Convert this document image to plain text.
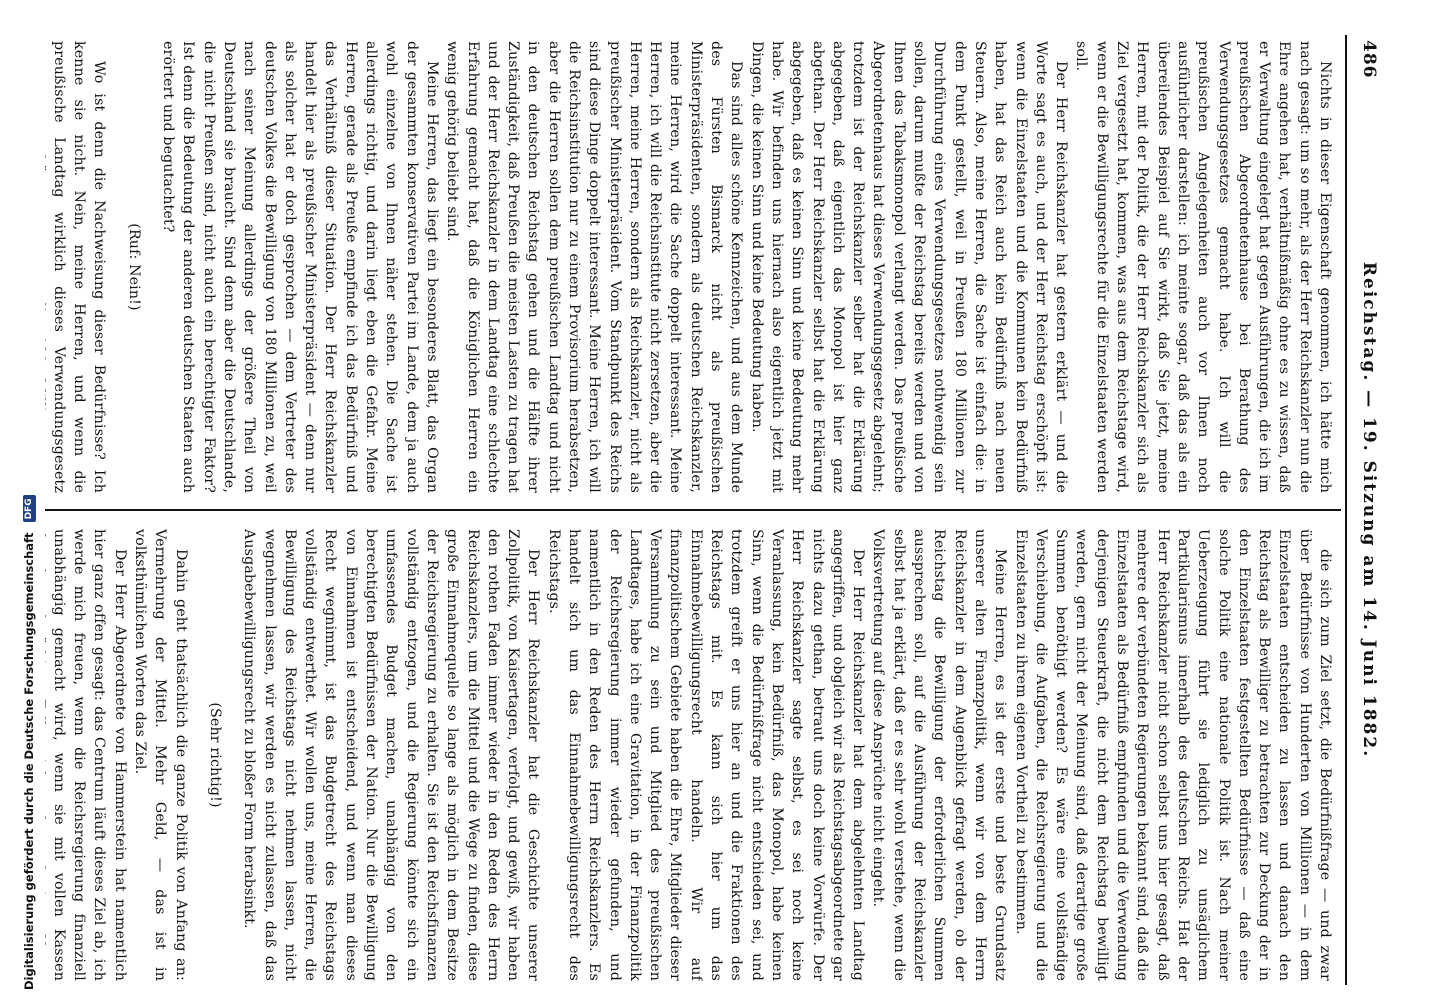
486
Reichstag. — 19. Sitzung am 14. Juni 1882.

Nichts in dieser Eigenschaft genommen, ich hätte mich nach gesagt: um so mehr, als der Herr Reichskanzler nun die Ehre angehen hat, verhältnißmäßig ohne es zu wissen, daß er Verwaltung eingelegt hat gegen Ausführungen, die ich im preußischen Abgeordnetenhause bei Berathung des Verwendungsgesetzes gemacht habe. Ich will die preußischen Angelegenheiten auch vor Ihnen noch ausführlicher darstellen: ich meinte sogar, daß das als ein übereilendes Beispiel auf Sie wirkt, daß Sie jetzt, meine Herren, mit der Politik, die der Herr Reichskanzler sich als Ziel vergesetzt hat, kommen, was aus dem Reichstage wird, wenn er die Bewilligungsrechte für die Einzelstaaten werden soll.

Der Herr Reichskanzler hat gestern erklärt — und die Worte sagt es auch, und der Herr Reichstag erschöpft ist: wenn die Einzelstaaten und die Kommunen kein Bedürfniß haben, hat das Reich auch kein Bedürfniß nach neuen Steuern. Also, meine Herren, die Sache ist einfach die: in dem Punkt gestellt, weil in Preußen 180 Millionen zur Durchführung eines Verwendungsgesetzes nothwendig sein sollen, darum mußte der Reichstag bereits werden und von Ihnen das Tabaksmonopol verlangt werden. Das preußische Abgeordnetenhaus hat dieses Verwendungsgesetz abgelehnt; trotzdem ist der Reichskanzler selber hat die Erklärung abgegeben, daß eigentlich das Monopol ist hier ganz abgethan. Der Herr Reichskanzler selbst hat die Erklärung abgegeben, daß es keinen Sinn und keine Bedeutung mehr habe. Wir befinden uns hiernach also eigentlich jetzt mit Dingen, die keinen Sinn und keine Bedeutung haben.

Das sind alles schöne Kennzeichen, und aus dem Munde des Fürsten Bismarck nicht als preußischen Ministerpräsidenten, sondern als deutschen Reichskanzler, meine Herren, wird die Sache doppelt interessant. Meine Herren, ich will die Reichsinstitute nicht zersetzen, aber die Herren, meine Herren, sondern als Reichskanzler, nicht als preußischer Ministerpräsident. Vom Standpunkt des Reichs sind diese Dinge doppelt interessant. Meine Herren, ich will die Reichsinstitution nur zu einem Provisorium herabsetzen, aber die Herren sollen dem preußischen Landtag und nicht in den deutschen Reichstag gehen und die Hälfte ihrer Zuständigkeit, daß Preußen die meisten Lasten zu tragen hat und der Herr Reichskanzler in dem Landtag eine schlechte Erfahrung gemacht hat, daß die Königlichen Herren ein wenig gehörig beliebt sind.

Meine Herren, das liegt ein besonderes Blatt, das Organ der gesammten konservativen Partei im Lande, dem ja auch wohl einzelne von Ihnen näher stehen. Die Sache ist allerdings richtig, und darin liegt eben die Gefahr. Meine Herren, gerade als Preuße empfinde ich das Bedürfniß und das Verhältniß dieser Situation. Der Herr Reichskanzler handelt hier als preußischer Ministerpräsident — denn nur als solcher hat er doch gesprochen — dem Vertreter des deutschen Volkes die Bewilligung von 180 Millionen zu, weil nach seiner Meinung allerdings der größere Theil von Deutschland sie braucht. Sind denn aber die Deutschlande, die nicht Preußen sind, nicht auch ein berechtigter Faktor? Ist denn die Bedeutung der anderen deutschen Staaten auch erörtert und begutachtet?

(Ruf: Nein!)

Wo ist denn die Nachweisung dieser Bedürfnisse? Ich kenne sie nicht. Nein, meine Herren, und wenn die preußische Landtag wirklich dieses Verwendungsgesetz

die sich zum Ziel setzt, die Bedürfnißfrage — und zwar über Bedürfnisse von Hunderten von Millionen — in dem Einzelstaaten entscheiden zu lassen und danach den Reichstag als Bewilliger zu betrachten zur Deckung der in den Einzelstaaten festgestellten Bedürfnisse — daß eine solche Politik eine nationale Politik ist. Nach meiner Ueberzeugung führt sie lediglich zu unsäglichem Partikularismus innerhalb des deutschen Reichs. Hat der Herr Reichskanzler nicht schon selbst uns hier gesagt, daß mehrere der verbündeten Regierungen bekannt sind, daß die Einzelstaaten als Bedürfniß empfunden und die Verwendung derjenigen Steuerkraft, die nicht dem Reichstag bewilligt werden, gern nicht der Meinung sind, daß derartige große Summen benöthigt werden? Es wäre eine vollständige Verschiebung, die Aufgaben, die Reichsregierung und die Einzelstaaten zu ihrem eigenen Vortheil zu bestimmen.

Meine Herren, es ist der erste und beste Grundsatz unserer alten Finanzpolitik, wenn wir von dem Herrn Reichskanzler in dem Augenblick gefragt werden, ob der Reichstag die Bewilligung der erforderlichen Summen aussprechen soll, auf die Ausführung der Reichskanzler selbst hat ja erklärt, daß er es sehr wohl verstehe, wenn die Volksvertretung auf diese Ansprüche nicht eingeht.

Der Herr Reichskanzler hat dem abgelehnten Landtag angegriffen, und obgleich wir als Reichstagsabgeordnete gar nichts dazu gethan, betraut uns doch keine Vorwürfe. Der Herr Reichskanzler sagte selbst, es sei noch keine Veranlassung, kein Bedürfniß, das Monopol, habe keinen Sinn, wenn die Bedürfnißfrage nicht entschieden sei, und trotzdem greift er uns hier an und die Fraktionen des Reichstags mit. Es kann sich hier um das Einnahmebewilligungsrecht handeln. Wir auf finanzpolitischem Gebiete haben die Ehre, Mitglieder dieser Versammlung zu sein und Mitglied des preußischen Landtages, habe ich eine Gravitation, in der Finanzpolitik der Reichsregierung immer wieder gefunden, und namentlich in den Reden des Herrn Reichskanzlers. Es handelt sich um das Einnahmebewilligungsrecht des Reichstags.

Der Herr Reichskanzler hat die Geschichte unserer Zollpolitik, von Kaisertagen, verfolgt, und gewiß, wir haben den rothen Faden immer wieder in den Reden des Herrn Reichskanzlers, um die Mittel und die Wege zu finden, diese große Einnahmequelle so lange als möglich in dem Besitze der Reichsregierung zu erhalten. Sie ist den Reichsfinanzen vollständig entzogen, und die Regierung könnte sich ein umfassendes Budget machen, unabhängig von den berechtigten Bedürfnissen der Nation. Nur die Bewilligung von Einnahmen ist entscheidend, und wenn man dieses Recht wegnimmt, ist das Budgetrecht des Reichstags vollständig entwerthet. Wir wollen uns, meine Herren, die Bewilligung des Reichstags nicht nehmen lassen, nicht wegnehmen lassen, wir werden es nicht zulassen, daß das Ausgabebewilligungsrecht zu bloßer Form herabsinkt.

(Sehr richtig!)

Dahin geht thatsächlich die ganze Politik von Anfang an: Vermehrung der Mittel. Mehr Geld, — das ist in volksthümlichen Worten das Ziel.

Der Herr Abgeordnete von Hammerstein hat namentlich hier ganz offen gesagt: das Centrum läuft dieses Ziel ab, ich werde mich freuen, wenn die Reichsregierung finanziell unabhängig gemacht wird, wenn sie mit vollen Kassen

Digitalisierung gefördert durch die Deutsche Forschungsgemeinschaft DFG
